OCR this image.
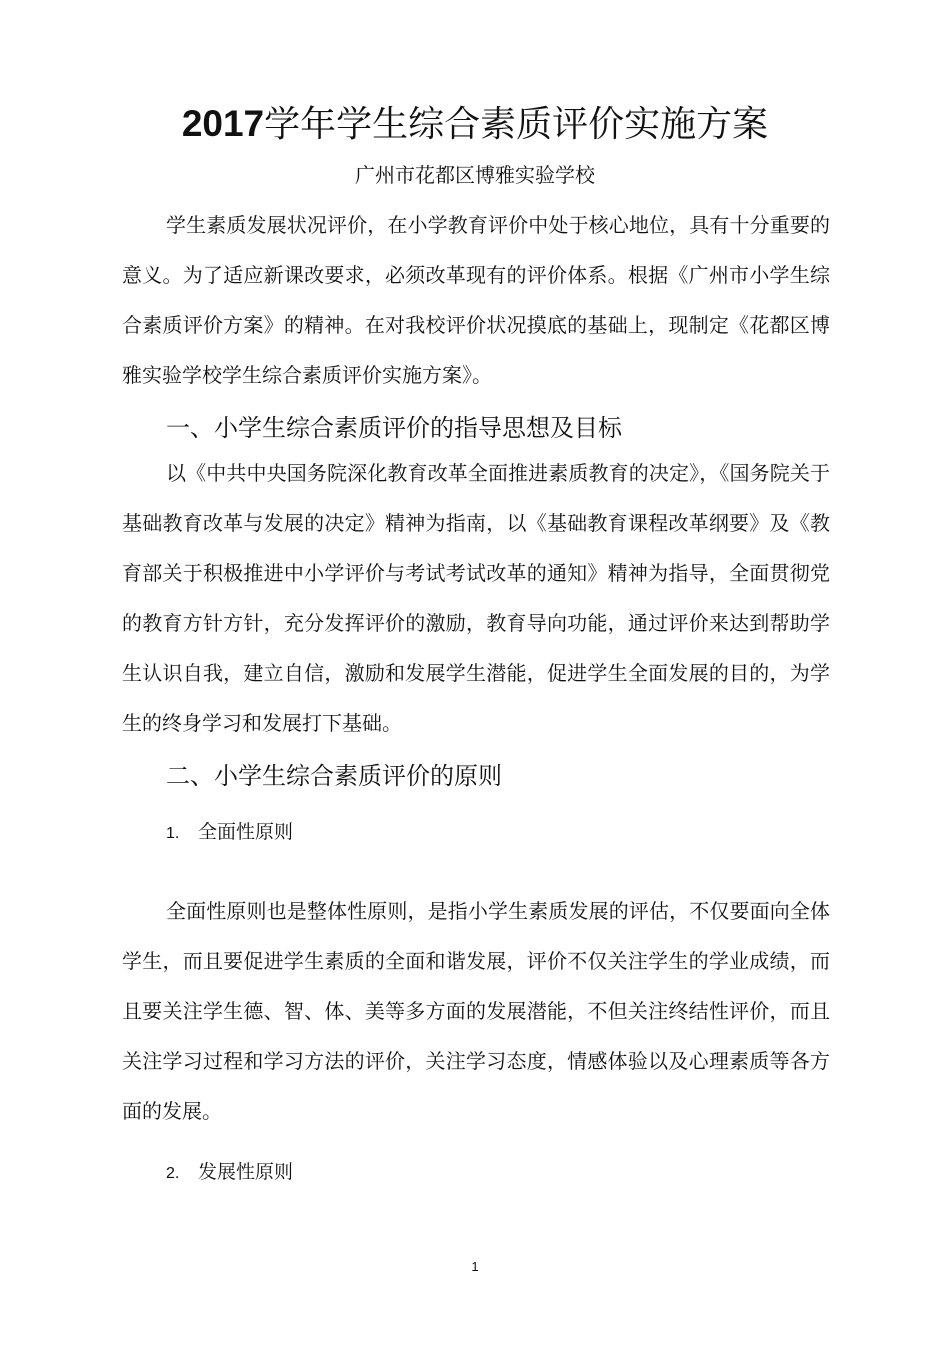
2017学年学生综合素质评价实施方案

广州市花都区博雅实验学校

学生素质发展状况评价，在小学教育评价中处于核心地位，具有十分重要的意义。为了适应新课改要求，必须改革现有的评价体系。根据《广州市小学生综合素质评价方案》的精神。在对我校评价状况摸底的基础上，现制定《花都区博雅实验学校学生综合素质评价实施方案》。

一、小学生综合素质评价的指导思想及目标

以《中共中央国务院深化教育改革全面推进素质教育的决定》，《国务院关于基础教育改革与发展的决定》精神为指南，以《基础教育课程改革纲要》及《教育部关于积极推进中小学评价与考试考试改革的通知》精神为指导，全面贯彻党的教育方针方针，充分发挥评价的激励，教育导向功能，通过评价来达到帮助学生认识自我，建立自信，激励和发展学生潜能，促进学生全面发展的目的，为学生的终身学习和发展打下基础。

二、小学生综合素质评价的原则
1. 全面性原则

全面性原则也是整体性原则，是指小学生素质发展的评估，不仅要面向全体学生，而且要促进学生素质的全面和谐发展，评价不仅关注学生的学业成绩，而且要关注学生德、智、体、美等多方面的发展潜能，不但关注终结性评价，而且关注学习过程和学习方法的评价，关注学习态度，情感体验以及心理素质等各方面的发展。

2. 发展性原则
1
